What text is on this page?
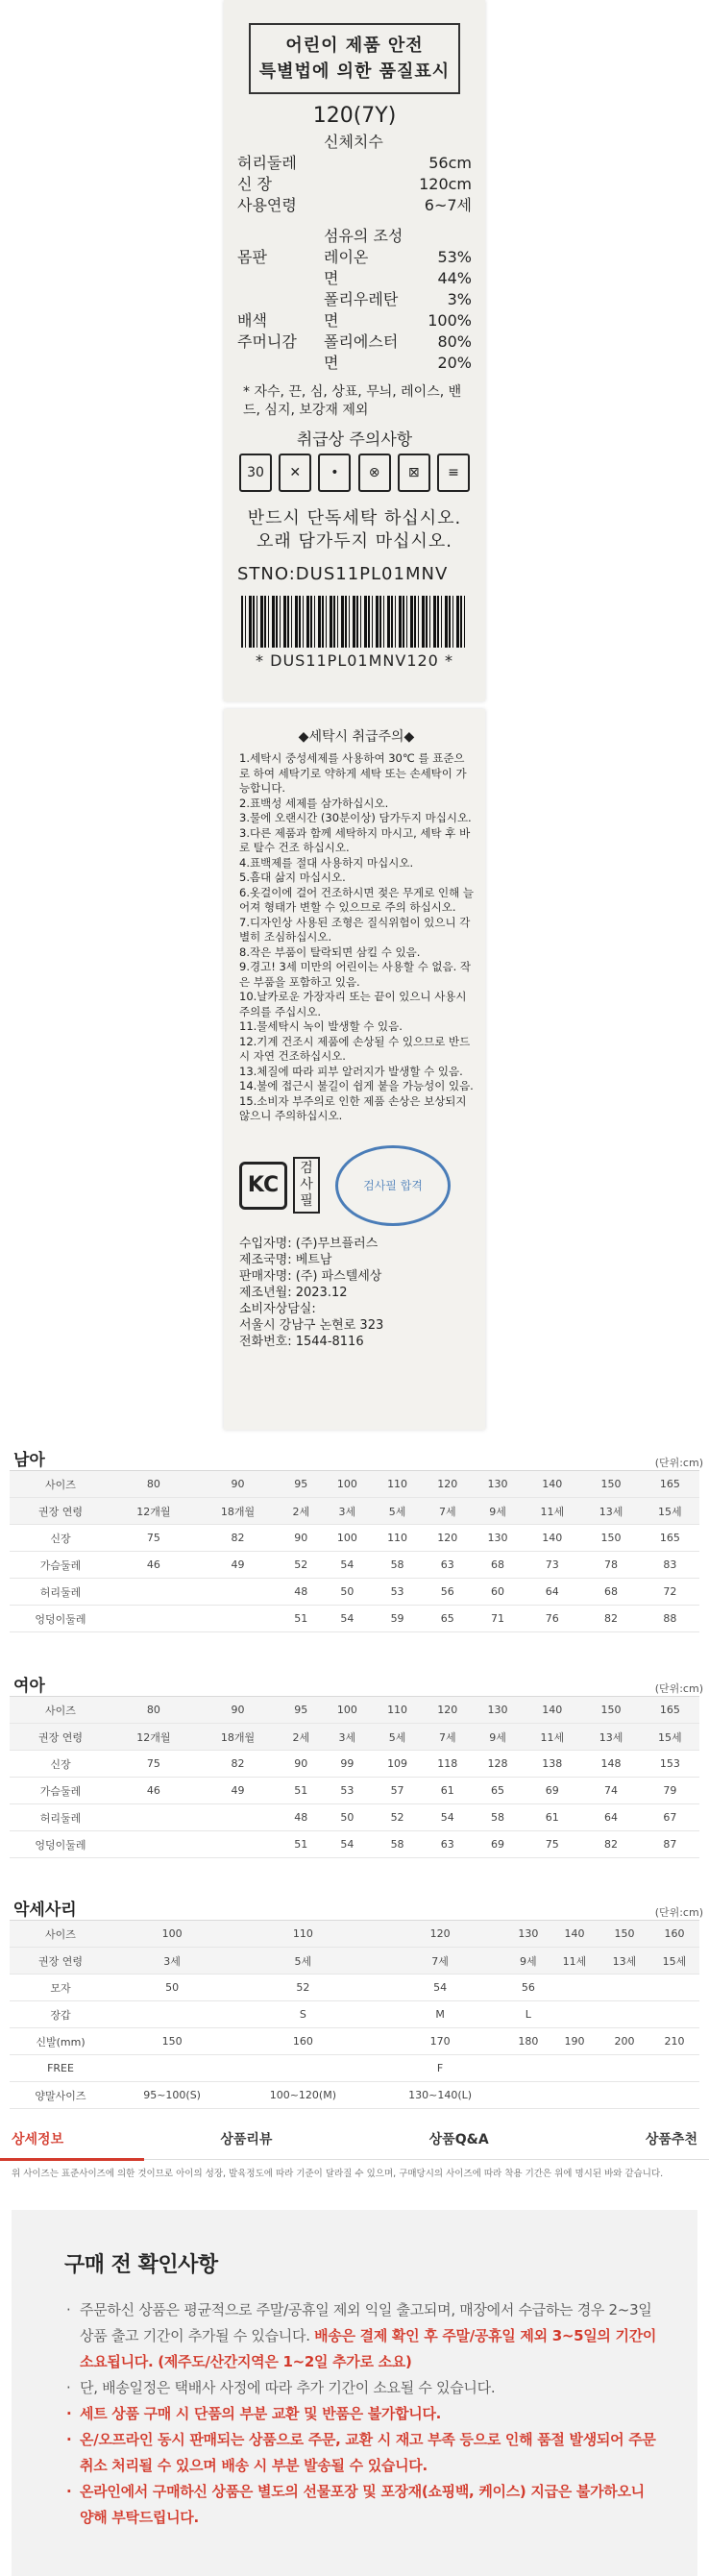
어린이 제품 안전
특별법에 의한 품질표시
120(7Y)
신체치수
허리둘레	56cm
신 장	120cm
사용연령	6~7세
섬유의 조성
몸판	레이온	53%
면	44%
폴리우레탄	3%
배색	면	100%
주머니감	폴리에스터	80%
면	20%
* 자수, 끈, 심, 상표, 무늬, 레이스, 밴드, 심지, 보강재 제외
취급상 주의사항
30	✕	•	⊗	⊠	≡
반드시 단독세탁 하십시오.
오래 담가두지 마십시오.
STNO:DUS11PL01MNV
* DUS11PL01MNV120 *
◆세탁시 취급주의◆
1.세탁시 중성세제를 사용하여 30℃ 를 표준으로 하여 세탁기로 약하게 세탁 또는 손세탁이 가능합니다.
2.표백성 세제를 삼가하십시오.
3.물에 오랜시간 (30분이상) 담가두지 마십시오.
3.다른 제품과 함께 세탁하지 마시고, 세탁 후 바로 탈수 건조 하십시오.
4.표백제를 절대 사용하지 마십시오.
5.흠대 삶지 마십시오.
6.옷걸이에 걸어 건조하시면 젖은 무게로 인해 늘어져 형태가 변할 수 있으므로 주의 하십시오.
7.디자인상 사용된 조형은 질식위험이 있으니 각별히 조심하십시오.
8.작은 부품이 탈락되면 삼킬 수 있음.
9.경고! 3세 미만의 어린이는 사용할 수 없음. 작은 부품을 포함하고 있음.
10.날카로운 가장자리 또는 끝이 있으니 사용시 주의를 주십시오.
11.물세탁시 녹이 발생할 수 있음.
12.기계 건조시 제품에 손상될 수 있으므로 반드시 자연 건조하십시오.
13.체질에 따라 피부 알러지가 발생할 수 있음.
14.불에 접근시 불길이 쉽게 붙을 가능성이 있음.
15.소비자 부주의로 인한 제품 손상은 보상되지 않으니 주의하십시오.
KC
검사필
검사필 합격
수입자명: (주)무브플러스
제조국명: 베트남
판매자명: (주) 파스텔세상
제조년월: 2023.12
소비자상담실:
서울시 강남구 논현로 323
전화번호: 1544-8116
남아	(단위:cm)
사이즈	80	90	95	100	110	120	130	140	150	165
권장 연령	12개월	18개월	2세	3세	5세	7세	9세	11세	13세	15세
신장	75	82	90	100	110	120	130	140	150	165
가슴둘레	46	49	52	54	58	63	68	73	78	83
허리둘레			48	50	53	56	60	64	68	72
엉덩이둘레			51	54	59	65	71	76	82	88
여아	(단위:cm)
사이즈	80	90	95	100	110	120	130	140	150	165
권장 연령	12개월	18개월	2세	3세	5세	7세	9세	11세	13세	15세
신장	75	82	90	99	109	118	128	138	148	153
가슴둘레	46	49	51	53	57	61	65	69	74	79
허리둘레			48	50	52	54	58	61	64	67
엉덩이둘레			51	54	58	63	69	75	82	87
악세사리	(단위:cm)
사이즈	100	110	120	130	140	150	160
권장 연령	3세	5세	7세	9세	11세	13세	15세
모자	50	52	54	56			
장갑		S	M	L			
신발(mm)	150	160	170	180	190	200	210
FREE			F				
양말사이즈	95~100(S)	100~120(M)	130~140(L)				
상세정보	상품리뷰	상품Q&A	상품추천
위 사이즈는 표준사이즈에 의한 것이므로 아이의 성장, 발육정도에 따라 기준이 달라질 수 있으며, 구매당시의 사이즈에 따라 착용 기간은 위에 명시된 바와 같습니다.
구매 전 확인사항
· 주문하신 상품은 평균적으로 주말/공휴일 제외 익일 출고되며, 매장에서 수급하는 경우 2~3일 상품 출고 기간이 추가될 수 있습니다. 배송은 결제 확인 후 주말/공휴일 제외 3~5일의 기간이 소요됩니다. (제주도/산간지역은 1~2일 추가로 소요)
· 단, 배송일정은 택배사 사정에 따라 추가 기간이 소요될 수 있습니다.
· 세트 상품 구매 시 단품의 부분 교환 및 반품은 불가합니다.
· 온/오프라인 동시 판매되는 상품으로 주문, 교환 시 재고 부족 등으로 인해 품절 발생되어 주문취소 처리될 수 있으며 배송 시 부분 발송될 수 있습니다.
· 온라인에서 구매하신 상품은 별도의 선물포장 및 포장재(쇼핑백, 케이스) 지급은 불가하오니 양해 부탁드립니다.
